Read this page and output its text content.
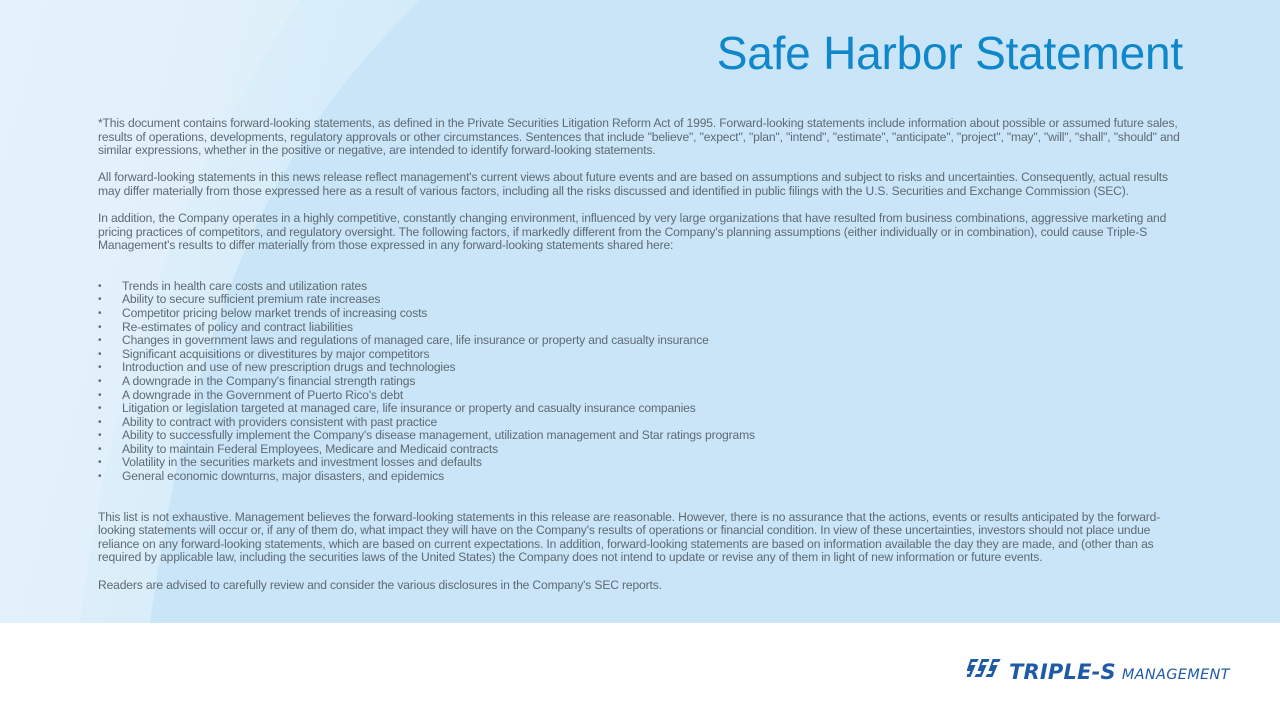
Safe Harbor Statement

*This document contains forward-looking statements, as defined in the Private Securities Litigation Reform Act of 1995. Forward-looking statements include information about possible or assumed future sales, results of operations, developments, regulatory approvals or other circumstances. Sentences that include "believe", "expect", "plan", "intend", "estimate", "anticipate", "project", "may", "will", "shall", "should" and similar expressions, whether in the positive or negative, are intended to identify forward-looking statements.

All forward-looking statements in this news release reflect management's current views about future events and are based on assumptions and subject to risks and uncertainties. Consequently, actual results may differ materially from those expressed here as a result of various factors, including all the risks discussed and identified in public filings with the U.S. Securities and Exchange Commission (SEC).

In addition, the Company operates in a highly competitive, constantly changing environment, influenced by very large organizations that have resulted from business combinations, aggressive marketing and pricing practices of competitors, and regulatory oversight. The following factors, if markedly different from the Company's planning assumptions (either individually or in combination), could cause Triple-S Management's results to differ materially from those expressed in any forward-looking statements shared here:

• Trends in health care costs and utilization rates
• Ability to secure sufficient premium rate increases
• Competitor pricing below market trends of increasing costs
• Re-estimates of policy and contract liabilities
• Changes in government laws and regulations of managed care, life insurance or property and casualty insurance
• Significant acquisitions or divestitures by major competitors
• Introduction and use of new prescription drugs and technologies
• A downgrade in the Company's financial strength ratings
• A downgrade in the Government of Puerto Rico's debt
• Litigation or legislation targeted at managed care, life insurance or property and casualty insurance companies
• Ability to contract with providers consistent with past practice
• Ability to successfully implement the Company's disease management, utilization management and Star ratings programs
• Ability to maintain Federal Employees, Medicare and Medicaid contracts
• Volatility in the securities markets and investment losses and defaults
• General economic downturns, major disasters, and epidemics

This list is not exhaustive. Management believes the forward-looking statements in this release are reasonable. However, there is no assurance that the actions, events or results anticipated by the forward-looking statements will occur or, if any of them do, what impact they will have on the Company's results of operations or financial condition. In view of these uncertainties, investors should not place undue reliance on any forward-looking statements, which are based on current expectations. In addition, forward-looking statements are based on information available the day they are made, and (other than as required by applicable law, including the securities laws of the United States) the Company does not intend to update or revise any of them in light of new information or future events.

Readers are advised to carefully review and consider the various disclosures in the Company's SEC reports.

TRIPLE-S MANAGEMENT
